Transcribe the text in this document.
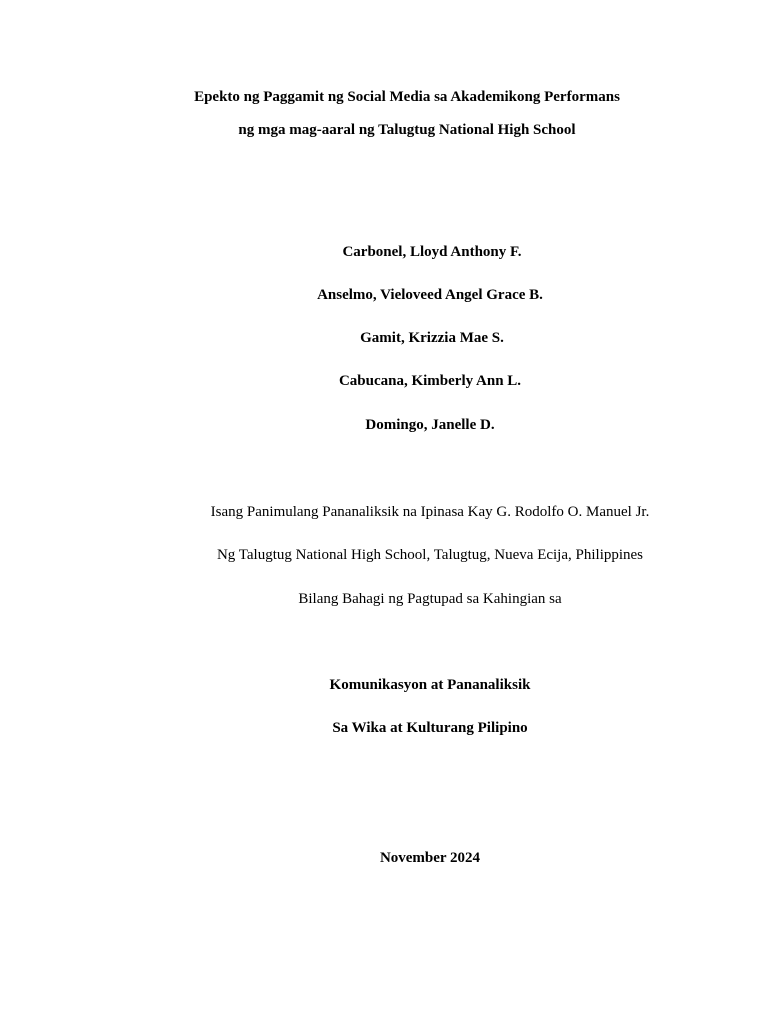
Epekto ng Paggamit ng Social Media sa Akademikong Performans
ng mga mag-aaral ng Talugtug National High School
Carbonel, Lloyd Anthony F.
Anselmo, Vieloveed Angel Grace B.
Gamit, Krizzia Mae S.
Cabucana, Kimberly Ann L.
Domingo, Janelle D.
Isang Panimulang Pananaliksik na Ipinasa Kay G. Rodolfo O. Manuel Jr.
Ng Talugtug National High School, Talugtug, Nueva Ecija, Philippines
Bilang Bahagi ng Pagtupad sa Kahingian sa
Komunikasyon at Pananaliksik
Sa Wika at Kulturang Pilipino
November 2024
